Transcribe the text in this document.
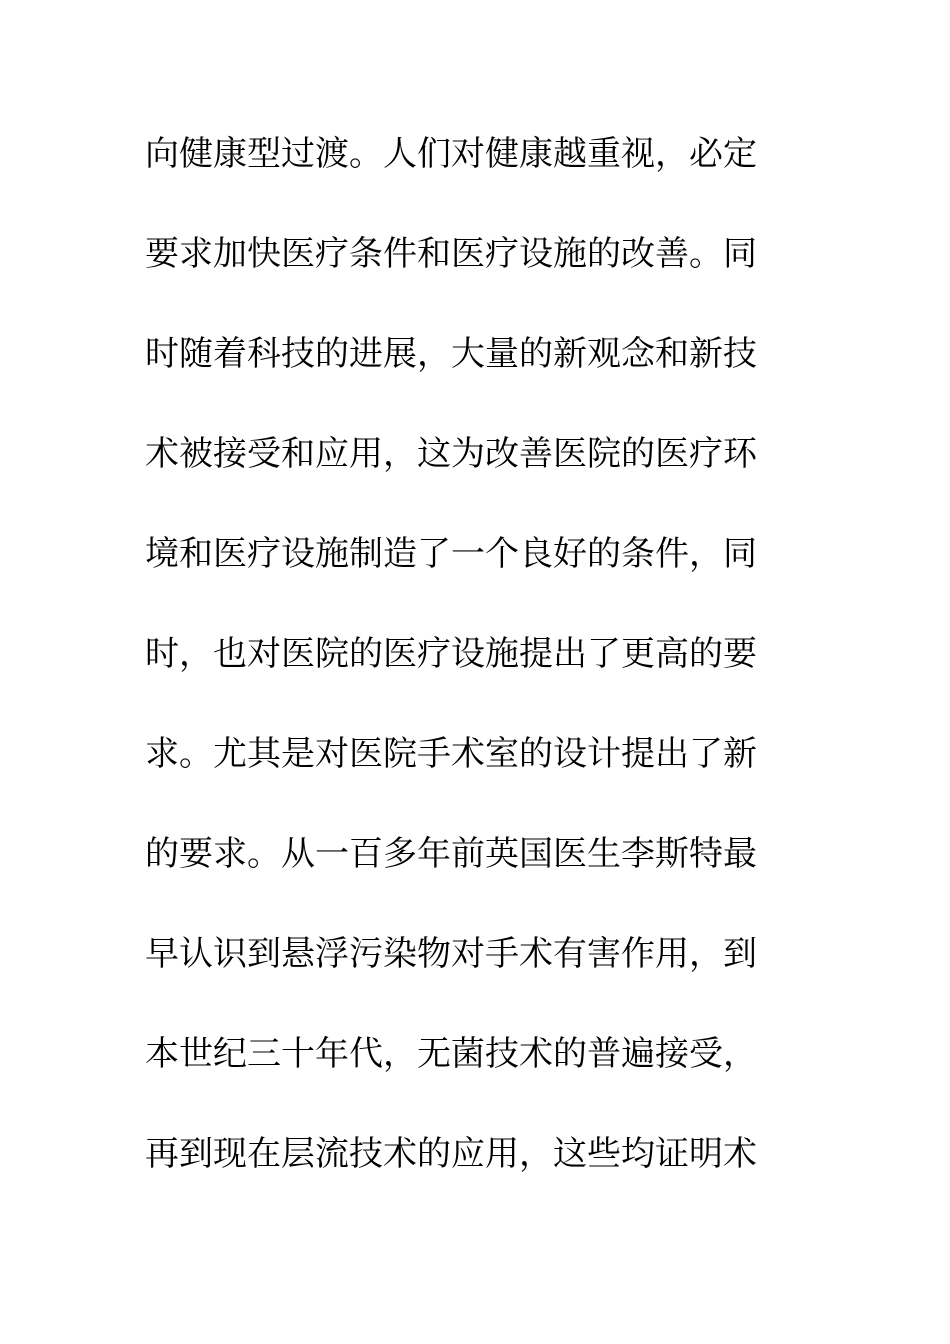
向健康型过渡。人们对健康越重视，必定
要求加快医疗条件和医疗设施的改善。同
时随着科技的进展，大量的新观念和新技
术被接受和应用，这为改善医院的医疗环
境和医疗设施制造了一个良好的条件，同
时，也对医院的医疗设施提出了更高的要
求。尤其是对医院手术室的设计提出了新
的要求。从一百多年前英国医生李斯特最
早认识到悬浮污染物对手术有害作用，到
本世纪三十年代，无菌技术的普遍接受，
再到现在层流技术的应用，这些均证明术
